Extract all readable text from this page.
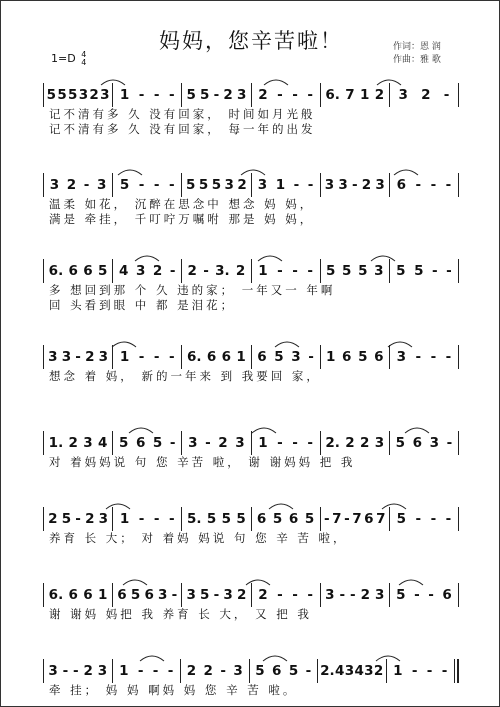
妈妈，您辛苦啦！
1=D 4
4
作词：恩 润
作曲：雅 歌
5 5 5 3 2 3 1 - - - 5 5 - 2 3 2 - - - 6. 7 1 2 3 2 -
记不清有多 久 没有回家， 时间如月光般
记不清有多 久 没有回家， 每一年的出发
3 2 - 3 5 - - - 5 5 5 3 2 3 1 - - 3 3 - 2 3 6 - - -
温柔 如花， 沉醉在思念中 想念 妈 妈，
满是 牵挂， 千叮咛万嘱咐 那是 妈 妈，
6. 6 6 5 4 3 2 - 2 - 3. 2 1 - - - 5 5 5 3 5 5 - -
多 想回到那 个 久 违的家； 一年又一 年啊
回 头看到眼 中 都 是泪花；
3 3 - 2 3 1 - - - 6. 6 6 1 6 5 3 - 1 6 5 6 3 - - -
想念 着 妈， 新的一年来 到 我要回 家，
1. 2 3 4 5 6 5 - 3 - 2 3 1 - - - 2. 2 2 3 5 6 3 -
对 着妈妈说 句 您 辛苦 啦， 谢 谢妈妈 把 我
2 5 - 2 3 1 - - - 5. 5 5 5 6 5 6 5 - 7 - 7 6 7 5 - - -
养育 长 大； 对 着妈 妈说 句 您 辛 苦 啦，
6. 6 6 1 6 5 6 3 - 3 5 - 3 2 2 - - - 3 - - 2 3 5 - - 6
谢 谢妈 妈把 我 养育 长 大， 又 把 我
3 - - 2 3 1 - - - 2 2 - 3 5 6 5 - 2. 4 3 4 3 2 1 - - -
牵 挂； 妈 妈 啊妈 妈 您 辛 苦 啦。
